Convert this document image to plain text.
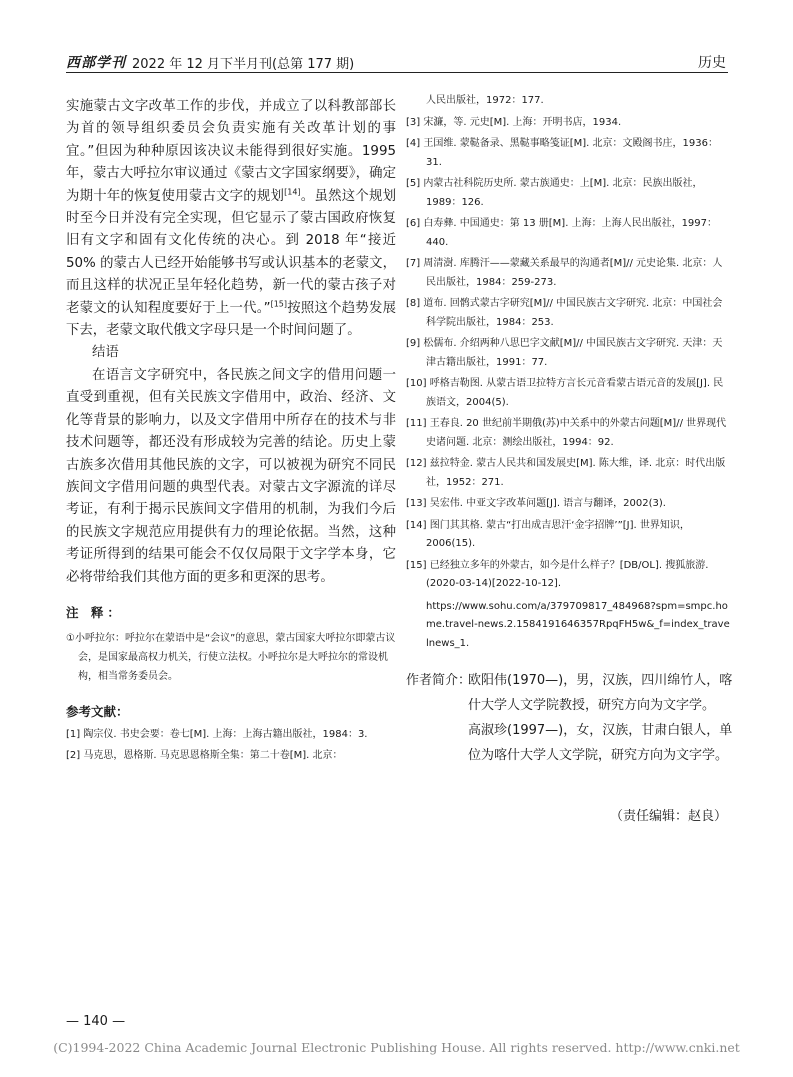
西部学刊 2022 年 12 月下半月刊(总第 177 期)	历史

实施蒙古文字改革工作的步伐，并成立了以科教部部长为首的领导组织委员会负责实施有关改革计划的事宜。”但因为种种原因该决议未能得到很好实施。1995 年，蒙古大呼拉尔审议通过《蒙古文字国家纲要》，确定为期十年的恢复使用蒙古文字的规划[14]。虽然这个规划时至今日并没有完全实现，但它显示了蒙古国政府恢复旧有文字和固有文化传统的决心。到 2018 年“接近 50% 的蒙古人已经开始能够书写或认识基本的老蒙文，而且这样的状况正呈年轻化趋势，新一代的蒙古孩子对老蒙文的认知程度要好于上一代。”[15]按照这个趋势发展下去，老蒙文取代俄文字母只是一个时间问题了。

结语

在语言文字研究中，各民族之间文字的借用问题一直受到重视，但有关民族文字借用中，政治、经济、文化等背景的影响力，以及文字借用中所存在的技术与非技术问题等，都还没有形成较为完善的结论。历史上蒙古族多次借用其他民族的文字，可以被视为研究不同民族间文字借用问题的典型代表。对蒙古文字源流的详尽考证，有利于揭示民族间文字借用的机制，为我们今后的民族文字规范应用提供有力的理论依据。当然，这种考证所得到的结果可能会不仅仅局限于文字学本身，它必将带给我们其他方面的更多和更深的思考。

注 释：
①小呼拉尔：呼拉尔在蒙语中是“会议”的意思，蒙古国家大呼拉尔即蒙古议会，是国家最高权力机关，行使立法权。小呼拉尔是大呼拉尔的常设机构，相当常务委员会。
参考文献：
[1] 陶宗仪. 书史会要：卷七[M]. 上海：上海古籍出版社，1984：3.
[2] 马克思，恩格斯. 马克思恩格斯全集：第二十卷[M]. 北京：
人民出版社，1972：177.
[3] 宋濂，等. 元史[M]. 上海：开明书店，1934.
[4] 王国维. 蒙鞑备录、黑鞑事略笺证[M]. 北京：文殿阁书庄，1936：31.
[5] 内蒙古社科院历史所. 蒙古族通史：上[M]. 北京：民族出版社，1989：126.
[6] 白寿彝. 中国通史：第 13 册[M]. 上海：上海人民出版社，1997：440.
[7] 周清澍. 库腾汗——蒙藏关系最早的沟通者[M]// 元史论集. 北京：人民出版社，1984：259-273.
[8] 道布. 回鹘式蒙古字研究[M]// 中国民族古文字研究. 北京：中国社会科学院出版社，1984：253.
[9] 松儒布. 介绍两种八思巴字文献[M]// 中国民族古文字研究. 天津：天津古籍出版社，1991：77.
[10] 呼格吉勒图. 从蒙古语卫拉特方言长元音看蒙古语元音的发展[J]. 民族语文，2004(5).
[11] 王春良. 20 世纪前半期俄(苏)中关系中的外蒙古问题[M]// 世界现代史诸问题. 北京：测绘出版社，1994：92.
[12] 兹拉特金. 蒙古人民共和国发展史[M]. 陈大维，译. 北京：时代出版社，1952：271.
[13] 吴宏伟. 中亚文字改革问题[J]. 语言与翻译，2002(3).
[14] 图门其其格. 蒙古“打出成吉思汗‘金字招牌’”[J]. 世界知识，2006(15).
[15] 已经独立多年的外蒙古，如今是什么样子？[DB/OL]. 搜狐旅游. (2020-03-14)[2022-10-12].
https://www.sohu.com/a/379709817_484968?spm=smpc.home.travel-news.2.1584191646357RpqFH5w&_f=index_travelnews_1.
作者简介：
欧阳伟(1970—)，男，汉族，四川绵竹人，喀什大学人文学院教授，研究方向为文字学。
高淑珍(1997—)，女，汉族，甘肃白银人，单位为喀什大学人文学院，研究方向为文字学。
（责任编辑：赵良）
— 140 —
(C)1994-2022 China Academic Journal Electronic Publishing House. All rights reserved. http://www.cnki.net
